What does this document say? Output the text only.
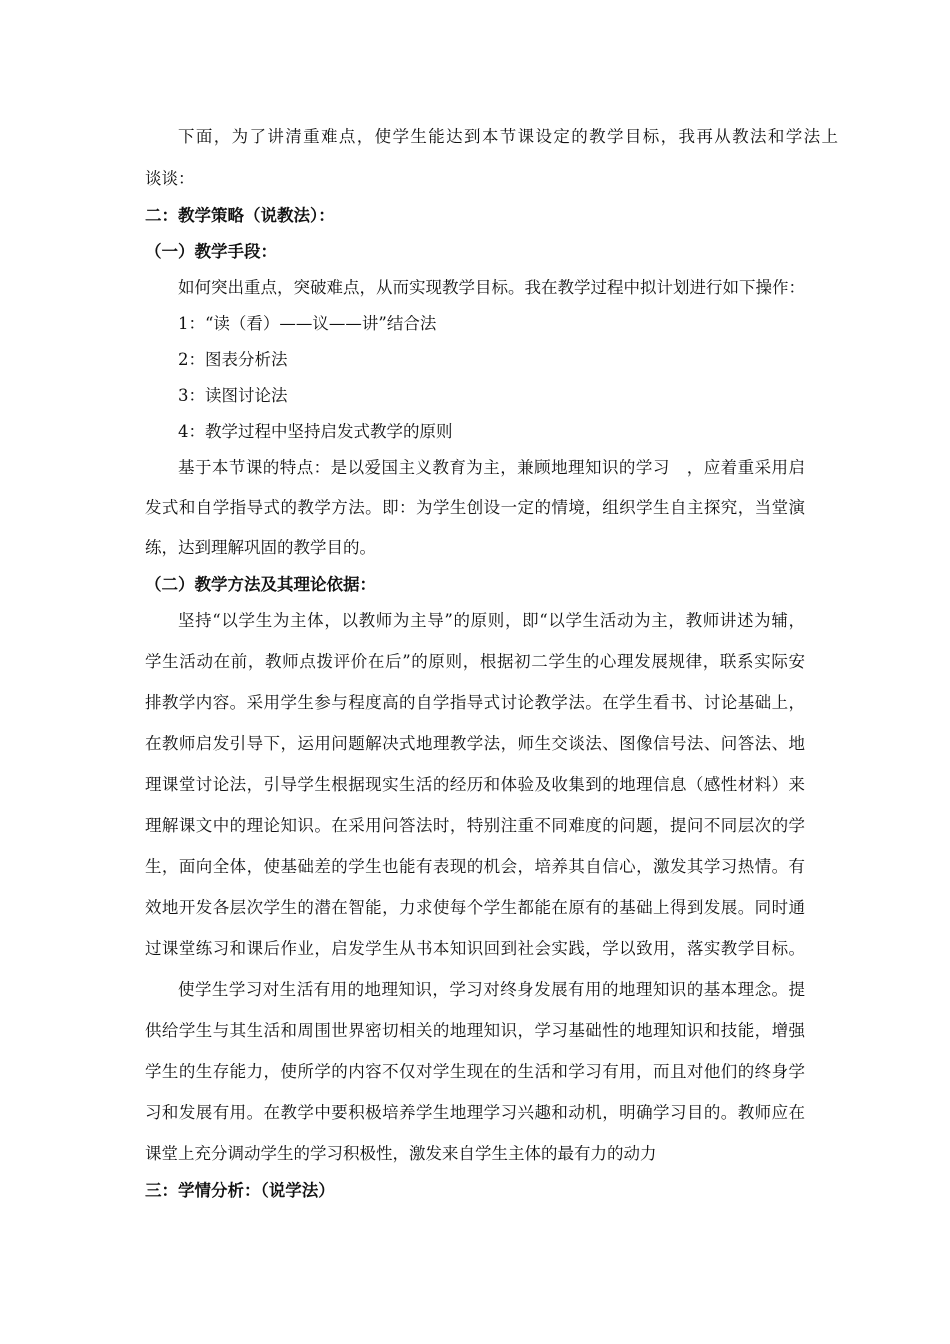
下面，为了讲清重难点，使学生能达到本节课设定的教学目标，我再从教法和学法上
谈谈：
二：教学策略（说教法）：
（一）教学手段：
如何突出重点，突破难点，从而实现教学目标。我在教学过程中拟计划进行如下操作：
1：“读（看）——议——讲”结合法
2：图表分析法
3：读图讨论法
4：教学过程中坚持启发式教学的原则
基于本节课的特点：是以爱国主义教育为主，兼顾地理知识的学习　，应着重采用启
发式和自学指导式的教学方法。即：为学生创设一定的情境，组织学生自主探究，当堂演
练，达到理解巩固的教学目的。
（二）教学方法及其理论依据：
坚持“以学生为主体，以教师为主导”的原则，即“以学生活动为主，教师讲述为辅，
学生活动在前，教师点拨评价在后”的原则，根据初二学生的心理发展规律，联系实际安
排教学内容。采用学生参与程度高的自学指导式讨论教学法。在学生看书、讨论基础上，
在教师启发引导下，运用问题解决式地理教学法，师生交谈法、图像信号法、问答法、地
理课堂讨论法，引导学生根据现实生活的经历和体验及收集到的地理信息（感性材料）来
理解课文中的理论知识。在采用问答法时，特别注重不同难度的问题，提问不同层次的学
生，面向全体，使基础差的学生也能有表现的机会，培养其自信心，激发其学习热情。有
效地开发各层次学生的潜在智能，力求使每个学生都能在原有的基础上得到发展。同时通
过课堂练习和课后作业，启发学生从书本知识回到社会实践，学以致用，落实教学目标。
使学生学习对生活有用的地理知识，学习对终身发展有用的地理知识的基本理念。提
供给学生与其生活和周围世界密切相关的地理知识，学习基础性的地理知识和技能，增强
学生的生存能力，使所学的内容不仅对学生现在的生活和学习有用，而且对他们的终身学
习和发展有用。在教学中要积极培养学生地理学习兴趣和动机，明确学习目的。教师应在
课堂上充分调动学生的学习积极性，激发来自学生主体的最有力的动力
三：学情分析：（说学法）
